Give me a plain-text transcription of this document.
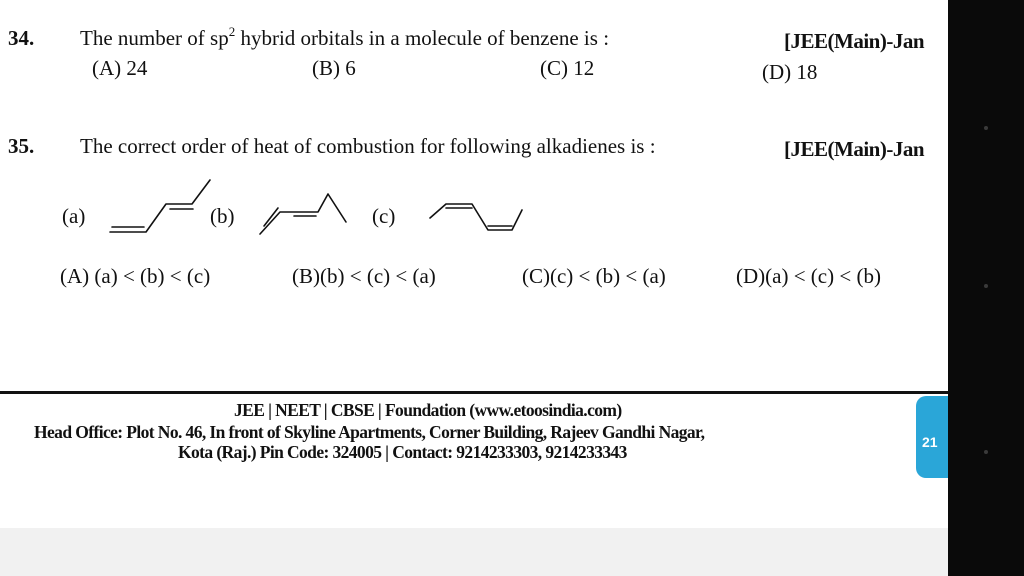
34. The number of $sp^2$ hybrid orbitals in a molecule of benzene is :	[JEE(Main)-Jan
(A) 24	(B) 6	(C) 12	(D) 18
35. The correct order of heat of combustion for following alkadienes is :	[JEE(Main)-Jan
(a)	(b)	(c)
(A) (a) < (b) < (c)	(B)(b) < (c) < (a)	(C)(c) < (b) < (a)	(D)(a) < (c) < (b)
JEE | NEET | CBSE | Foundation (www.etoosindia.com)
Head Office: Plot No. 46, In front of Skyline Apartments, Corner Building, Rajeev Gandhi Nagar,
Kota (Raj.) Pin Code: 324005 | Contact: 9214233303, 9214233343	21
